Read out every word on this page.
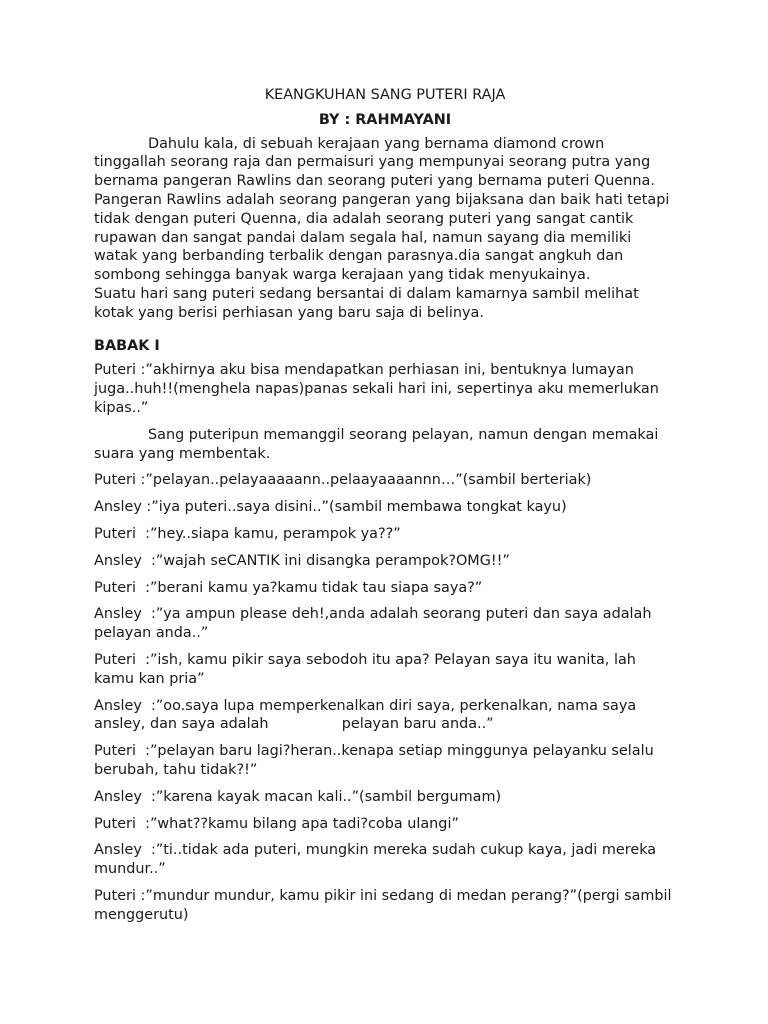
KEANGKUHAN SANG PUTERI RAJA
BY : RAHMAYANI

Dahulu kala, di sebuah kerajaan yang bernama diamond crown tinggallah seorang raja dan permaisuri yang mempunyai seorang putra yang bernama pangeran Rawlins dan seorang puteri yang bernama puteri Quenna.

Pangeran Rawlins adalah seorang pangeran yang bijaksana dan baik hati tetapi tidak dengan puteri Quenna, dia adalah seorang puteri yang sangat cantik rupawan dan sangat pandai dalam segala hal, namun sayang dia memiliki watak yang berbanding terbalik dengan parasnya.dia sangat angkuh dan sombong sehingga banyak warga kerajaan yang tidak menyukainya.

Suatu hari sang puteri sedang bersantai di dalam kamarnya sambil melihat kotak yang berisi perhiasan yang baru saja di belinya.

BABAK I

Puteri :”akhirnya aku bisa mendapatkan perhiasan ini, bentuknya lumayan juga..huh!!(menghela napas)panas sekali hari ini, sepertinya aku memerlukan kipas..”

Sang puteripun memanggil seorang pelayan, namun dengan memakai suara yang membentak.

Puteri :”pelayan..pelayaaaaann..pelaayaaaannn…”(sambil berteriak)

Ansley :”iya puteri..saya disini..”(sambil membawa tongkat kayu)

Puteri  :”hey..siapa kamu, perampok ya??”

Ansley  :”wajah seCANTIK ini disangka perampok?OMG!!”

Puteri  :”berani kamu ya?kamu tidak tau siapa saya?”

Ansley  :”ya ampun please deh!,anda adalah seorang puteri dan saya adalah pelayan anda..”

Puteri  :”ish, kamu pikir saya sebodoh itu apa? Pelayan saya itu wanita, lah kamu kan pria”

Ansley  :”oo.saya lupa memperkenalkan diri saya, perkenalkan, nama saya ansley, dan saya adalah                pelayan baru anda..”

Puteri  :”pelayan baru lagi?heran..kenapa setiap minggunya pelayanku selalu berubah, tahu tidak?!”

Ansley  :”karena kayak macan kali..”(sambil bergumam)

Puteri  :”what??kamu bilang apa tadi?coba ulangi”

Ansley  :”ti..tidak ada puteri, mungkin mereka sudah cukup kaya, jadi mereka mundur..”

Puteri :”mundur mundur, kamu pikir ini sedang di medan perang?”(pergi sambil menggerutu)
